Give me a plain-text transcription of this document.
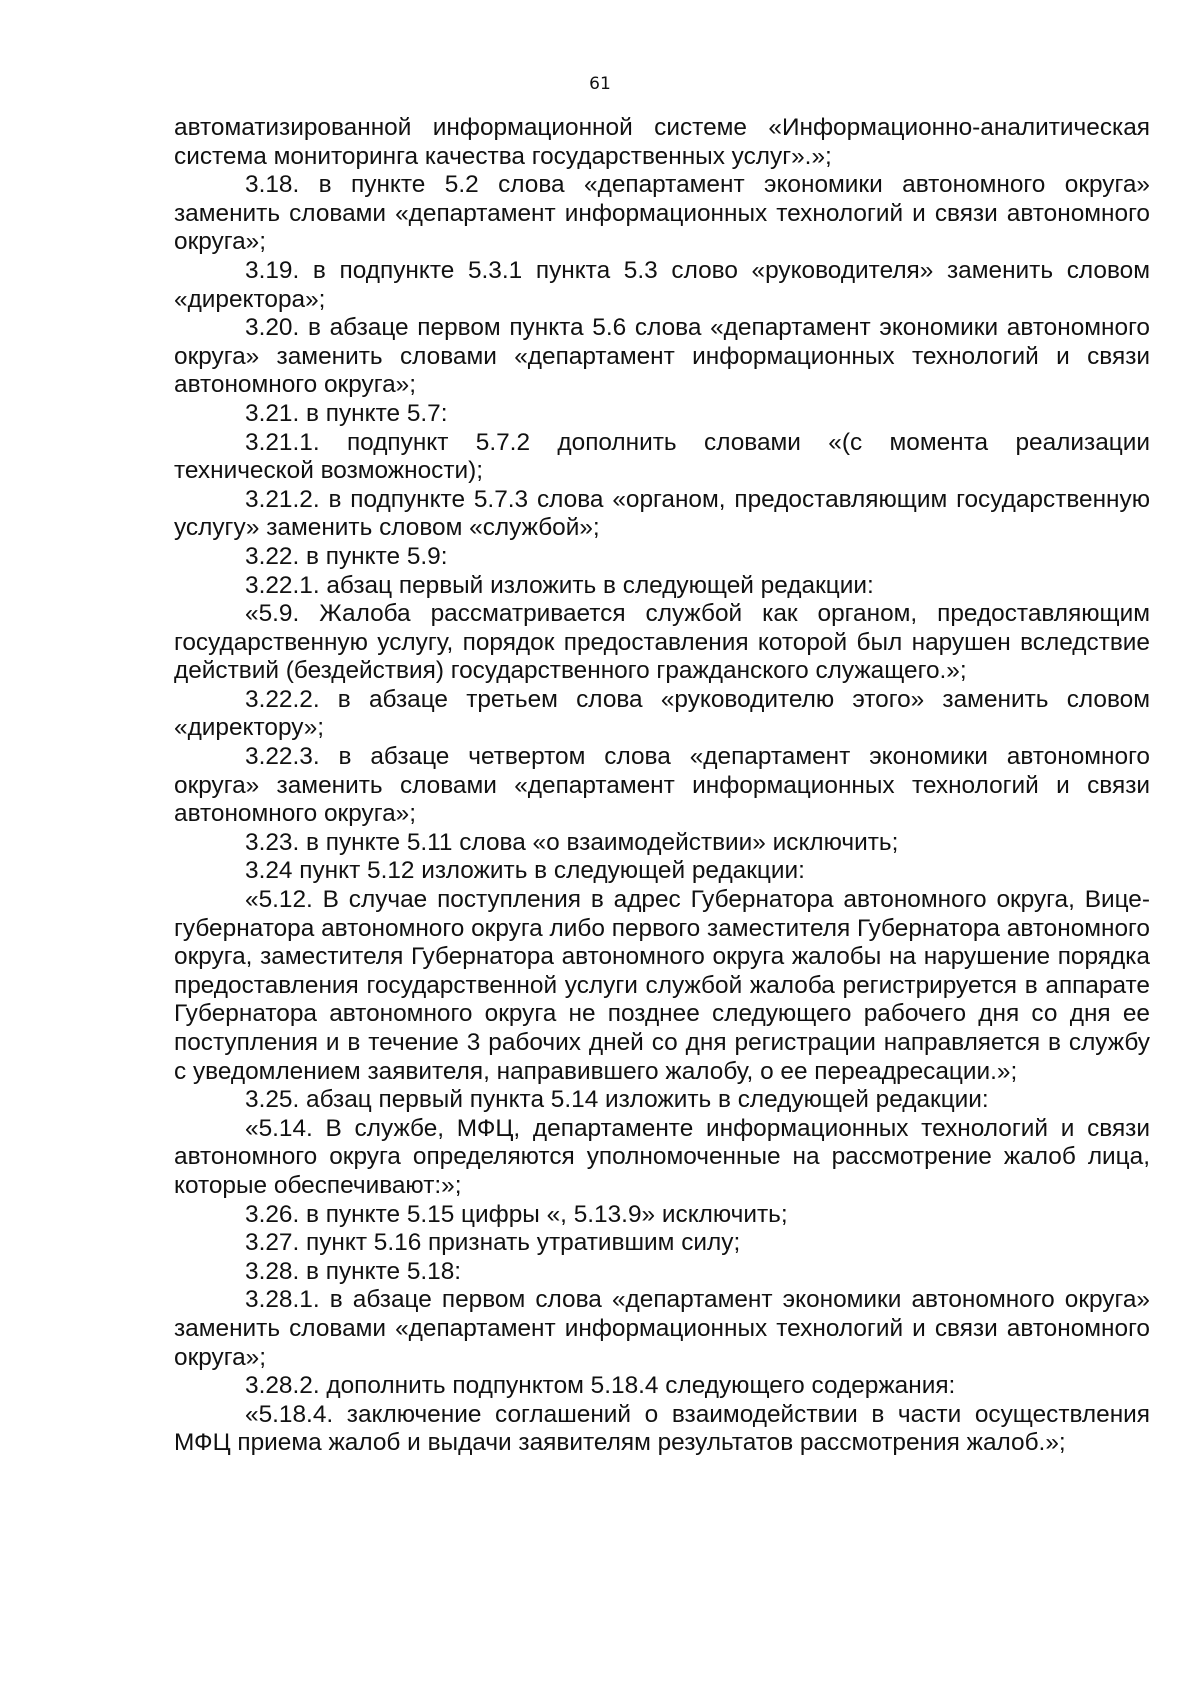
61

автоматизированной информационной системе «Информационно-аналитическая система мониторинга качества государственных услуг».»;

3.18. в пункте 5.2 слова «департамент экономики автономного округа» заменить словами «департамент информационных технологий и связи автономного округа»;

3.19. в подпункте 5.3.1 пункта 5.3 слово «руководителя» заменить словом «директора»;

3.20. в абзаце первом пункта 5.6 слова «департамент экономики автономного округа» заменить словами «департамент информационных технологий и связи автономного округа»;

3.21. в пункте 5.7:

3.21.1. подпункт 5.7.2 дополнить словами «(с момента реализации технической возможности);

3.21.2. в подпункте 5.7.3 слова «органом, предоставляющим государственную услугу» заменить словом «службой»;

3.22. в пункте 5.9:

3.22.1. абзац первый изложить в следующей редакции:

«5.9. Жалоба рассматривается службой как органом, предоставляющим государственную услугу, порядок предоставления которой был нарушен вследствие действий (бездействия) государственного гражданского служащего.»;

3.22.2. в абзаце третьем слова «руководителю этого» заменить словом «директору»;

3.22.3. в абзаце четвертом слова «департамент экономики автономного округа» заменить словами «департамент информационных технологий и связи автономного округа»;

3.23. в пункте 5.11 слова «о взаимодействии» исключить;

3.24 пункт 5.12 изложить в следующей редакции:

«5.12. В случае поступления в адрес Губернатора автономного округа, Вице-губернатора автономного округа либо первого заместителя Губернатора автономного округа, заместителя Губернатора автономного округа жалобы на нарушение порядка предоставления государственной услуги службой жалоба регистрируется в аппарате Губернатора автономного округа не позднее следующего рабочего дня со дня ее поступления и в течение 3 рабочих дней со дня регистрации направляется в службу с уведомлением заявителя, направившего жалобу, о ее переадресации.»;

3.25. абзац первый пункта 5.14 изложить в следующей редакции:

«5.14. В службе, МФЦ, департаменте информационных технологий и связи автономного округа определяются уполномоченные на рассмотрение жалоб лица, которые обеспечивают:»;

3.26. в пункте 5.15 цифры «, 5.13.9» исключить;

3.27. пункт 5.16 признать утратившим силу;

3.28. в пункте 5.18:

3.28.1. в абзаце первом слова «департамент экономики автономного округа» заменить словами «департамент информационных технологий и связи автономного округа»;

3.28.2. дополнить подпунктом 5.18.4 следующего содержания:

«5.18.4. заключение соглашений о взаимодействии в части осуществления МФЦ приема жалоб и выдачи заявителям результатов рассмотрения жалоб.»;
